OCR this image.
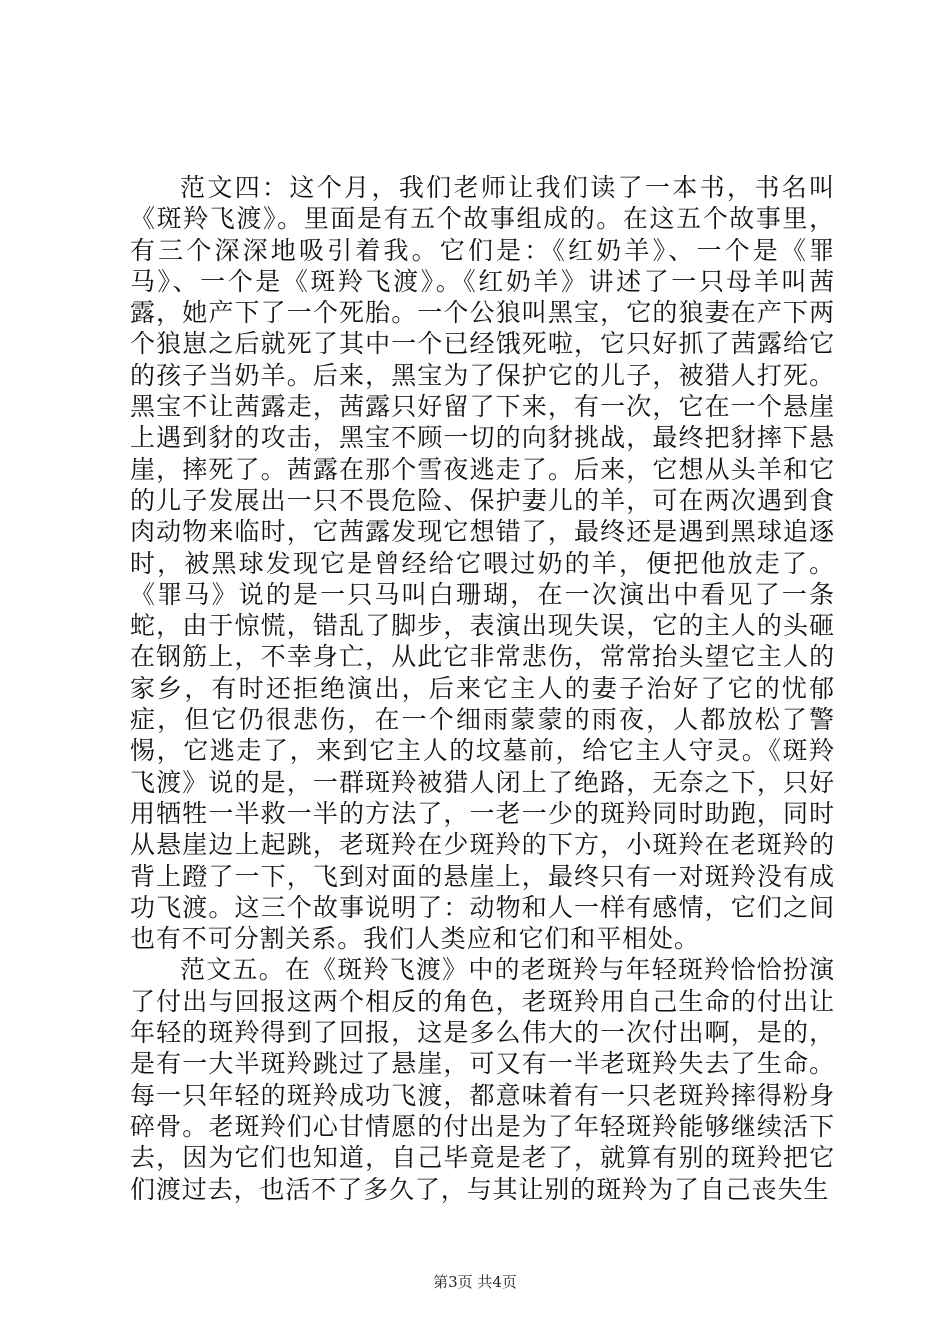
范文四：这个月，我们老师让我们读了一本书，书名叫《斑羚飞渡》。里面是有五个故事组成的。在这五个故事里，有三个深深地吸引着我。它们是：《红奶羊》、一个是《罪马》、一个是《斑羚飞渡》。《红奶羊》讲述了一只母羊叫茜露，她产下了一个死胎。一个公狼叫黑宝，它的狼妻在产下两个狼崽之后就死了其中一个已经饿死啦，它只好抓了茜露给它的孩子当奶羊。后来，黑宝为了保护它的儿子，被猎人打死。黑宝不让茜露走，茜露只好留了下来，有一次，它在一个悬崖上遇到豺的攻击，黑宝不顾一切的向豺挑战，最终把豺摔下悬崖，摔死了。茜露在那个雪夜逃走了。后来，它想从头羊和它的儿子发展出一只不畏危险、保护妻儿的羊，可在两次遇到食肉动物来临时，它茜露发现它想错了，最终还是遇到黑球追逐时，被黑球发现它是曾经给它喂过奶的羊，便把他放走了。《罪马》说的是一只马叫白珊瑚，在一次演出中看见了一条蛇，由于惊慌，错乱了脚步，表演出现失误，它的主人的头砸在钢筋上，不幸身亡，从此它非常悲伤，常常抬头望它主人的家乡，有时还拒绝演出，后来它主人的妻子治好了它的忧郁症，但它仍很悲伤，在一个细雨蒙蒙的雨夜，人都放松了警惕，它逃走了，来到它主人的坟墓前，给它主人守灵。《斑羚飞渡》说的是，一群斑羚被猎人闭上了绝路，无奈之下，只好用牺牲一半救一半的方法了，一老一少的斑羚同时助跑，同时从悬崖边上起跳，老斑羚在少斑羚的下方，小斑羚在老斑羚的背上蹬了一下，飞到对面的悬崖上，最终只有一对斑羚没有成功飞渡。这三个故事说明了：动物和人一样有感情，它们之间也有不可分割关系。我们人类应和它们和平相处。

范文五。在《斑羚飞渡》中的老斑羚与年轻斑羚恰恰扮演了付出与回报这两个相反的角色，老斑羚用自己生命的付出让年轻的斑羚得到了回报，这是多么伟大的一次付出啊，是的，是有一大半斑羚跳过了悬崖，可又有一半老斑羚失去了生命。每一只年轻的斑羚成功飞渡，都意味着有一只老斑羚摔得粉身碎骨。老斑羚们心甘情愿的付出是为了年轻斑羚能够继续活下去，因为它们也知道，自己毕竟是老了，就算有别的斑羚把它们渡过去，也活不了多久了，与其让别的斑羚为了自己丧失生

第3页 共4页
